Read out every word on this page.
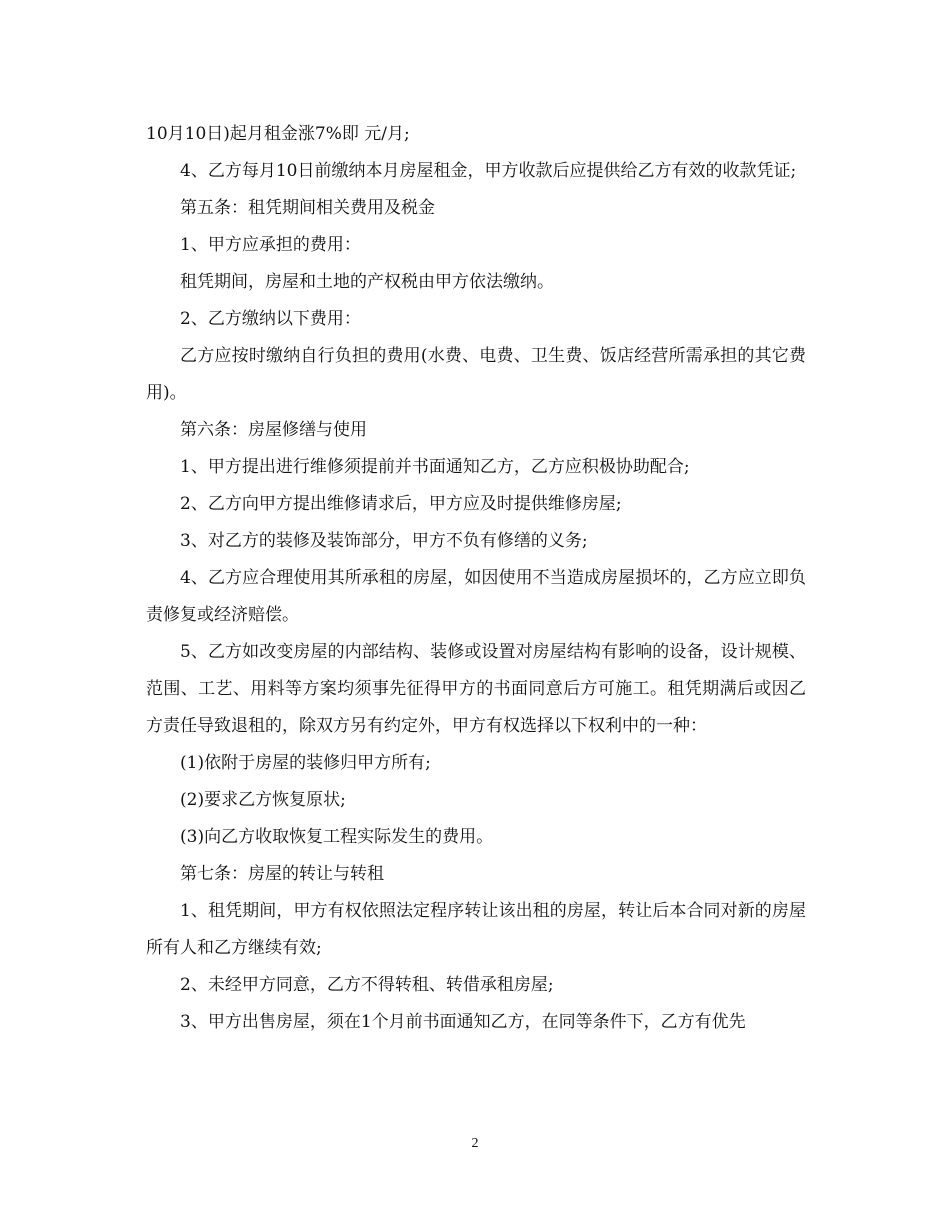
10月10日)起月租金涨7%即 元/月;

4、乙方每月10日前缴纳本月房屋租金，甲方收款后应提供给乙方有效的收款凭证;

第五条：租凭期间相关费用及税金

1、甲方应承担的费用：

租凭期间，房屋和土地的产权税由甲方依法缴纳。

2、乙方缴纳以下费用：

乙方应按时缴纳自行负担的费用(水费、电费、卫生费、饭店经营所需承担的其它费用)。

第六条：房屋修缮与使用

1、甲方提出进行维修须提前并书面通知乙方，乙方应积极协助配合;

2、乙方向甲方提出维修请求后，甲方应及时提供维修房屋;

3、对乙方的装修及装饰部分，甲方不负有修缮的义务;

4、乙方应合理使用其所承租的房屋，如因使用不当造成房屋损坏的，乙方应立即负责修复或经济赔偿。

5、乙方如改变房屋的内部结构、装修或设置对房屋结构有影响的设备，设计规模、范围、工艺、用料等方案均须事先征得甲方的书面同意后方可施工。租凭期满后或因乙方责任导致退租的，除双方另有约定外，甲方有权选择以下权利中的一种：

(1)依附于房屋的装修归甲方所有;

(2)要求乙方恢复原状;

(3)向乙方收取恢复工程实际发生的费用。

第七条：房屋的转让与转租

1、租凭期间，甲方有权依照法定程序转让该出租的房屋，转让后本合同对新的房屋所有人和乙方继续有效;

2、未经甲方同意，乙方不得转租、转借承租房屋;

3、甲方出售房屋，须在1个月前书面通知乙方，在同等条件下，乙方有优先

2
